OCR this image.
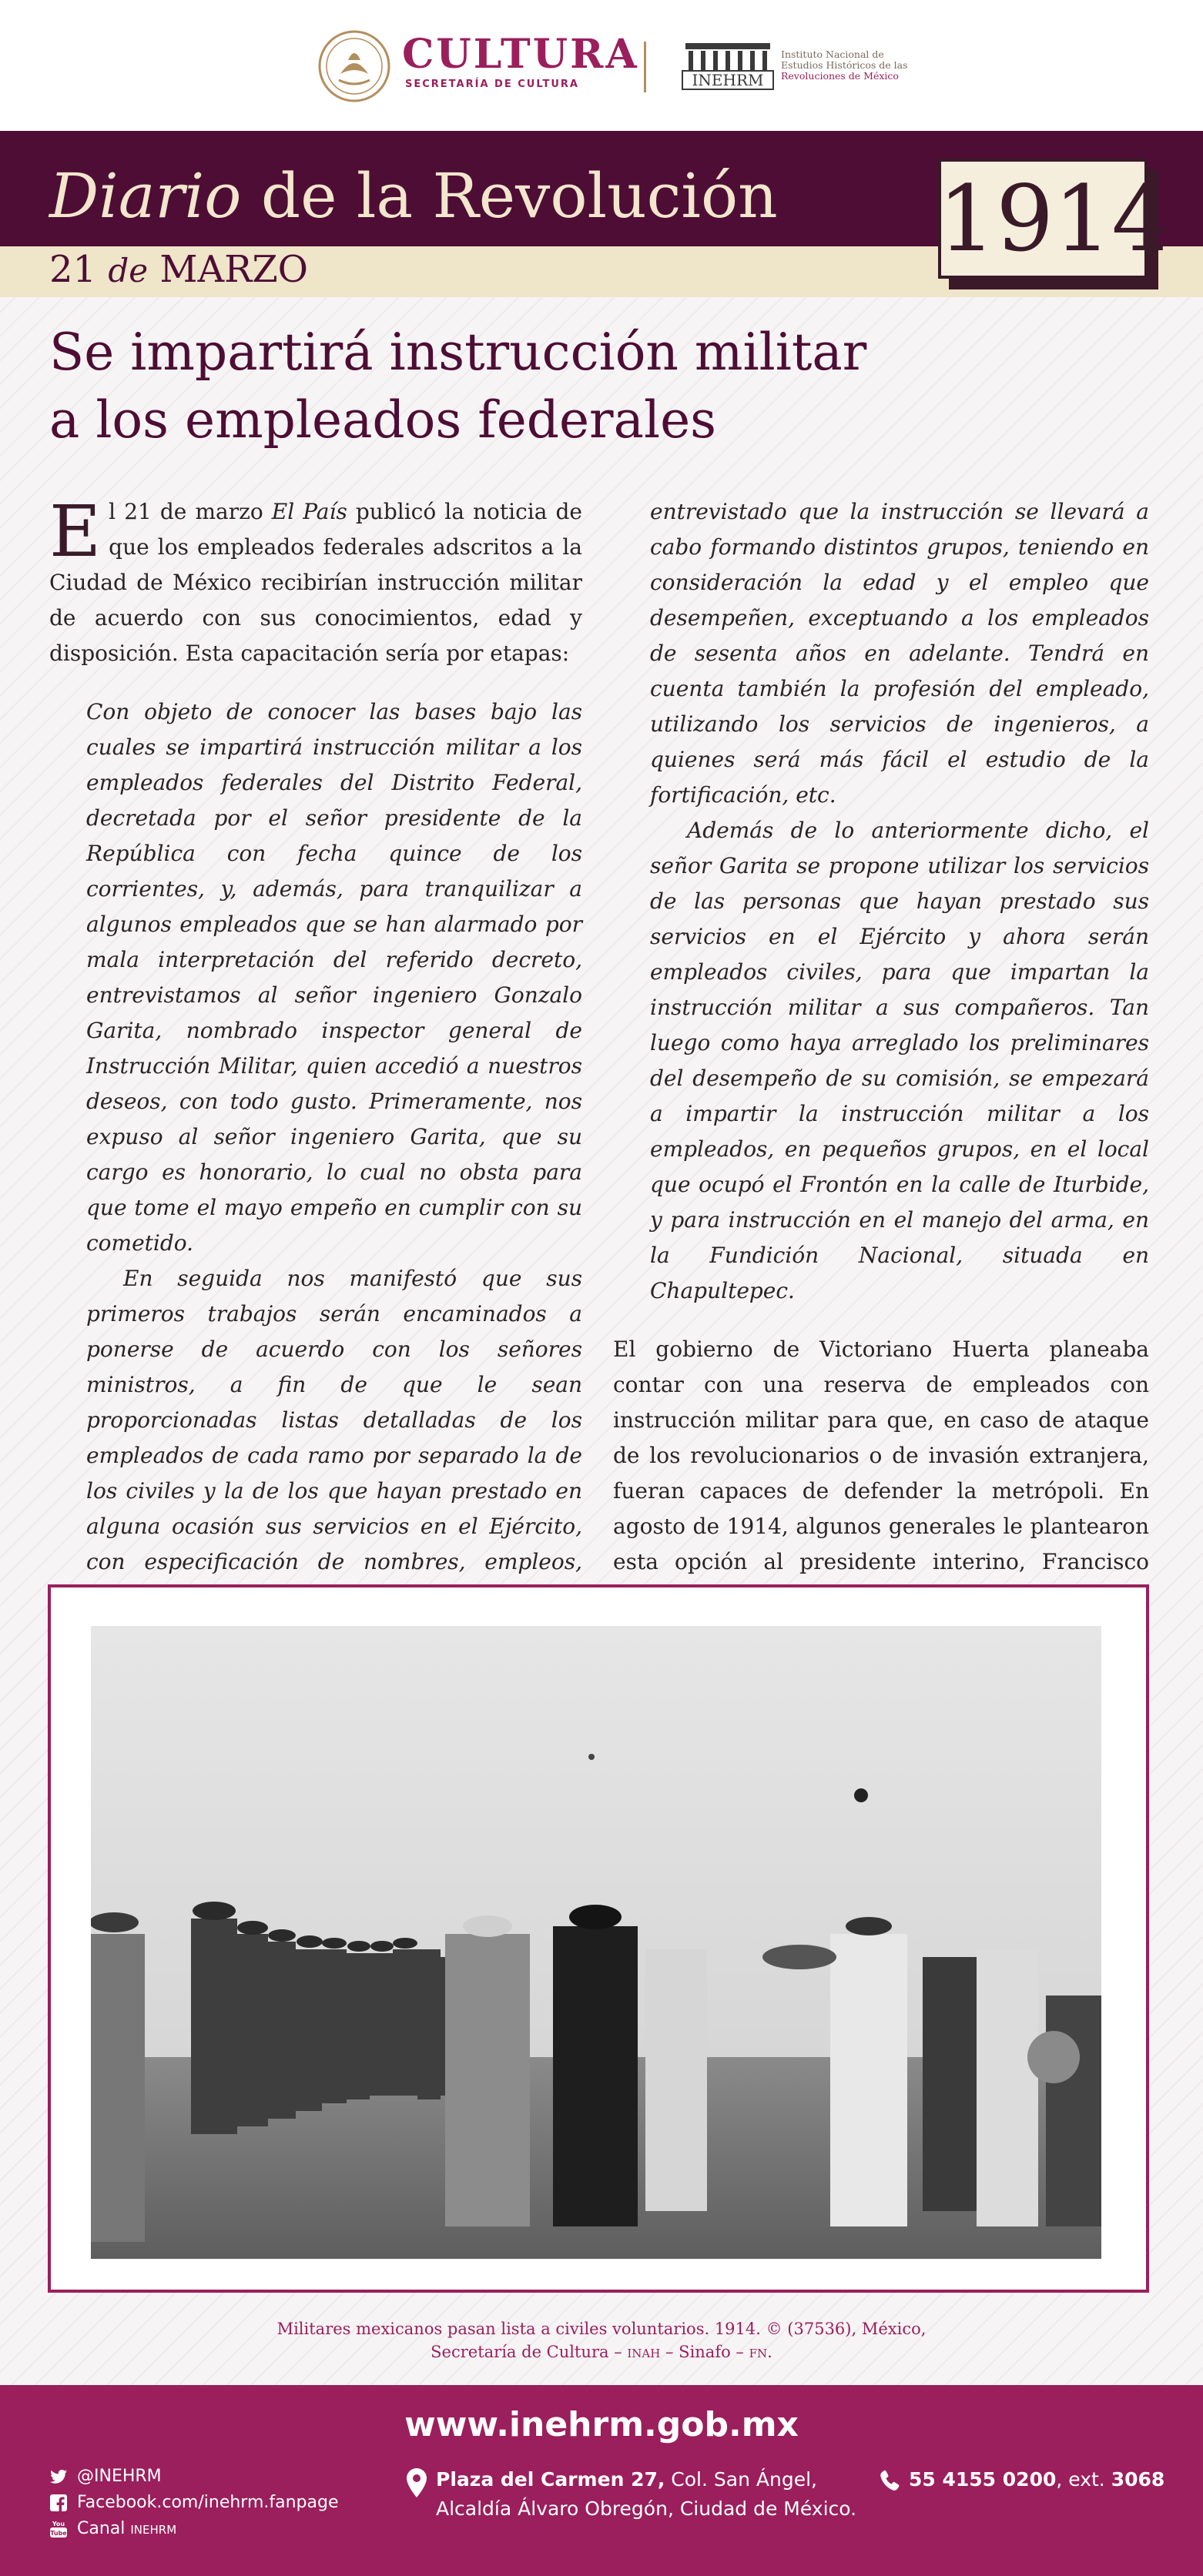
CULTURA
SECRETARÍA DE CULTURA	INEHRM
Instituto Nacional de
Estudios Históricos de las
Revoluciones de México
Diario de la Revolución
21 de MARZO	1914
Se impartirá instrucción militar
a los empleados federales

El 21 de marzo El País publicó la noticia de que los empleados federales adscritos a la Ciudad de México recibirían instrucción militar de acuerdo con sus conocimientos, edad y disposición. Esta capacitación sería por etapas:

Con objeto de conocer las bases bajo las cuales se impartirá instrucción militar a los empleados federales del Distrito Federal, decretada por el señor presidente de la República con fecha quince de los corrientes, y, además, para tranquilizar a algunos empleados que se han alarmado por mala interpretación del referido decreto, entrevistamos al señor ingeniero Gonzalo Garita, nombrado inspector general de Instrucción Militar, quien accedió a nuestros deseos, con todo gusto. Primeramente, nos expuso al señor ingeniero Garita, que su cargo es honorario, lo cual no obsta para que tome el mayo empeño en cumplir con su cometido.

En seguida nos manifestó que sus primeros trabajos serán encaminados a ponerse de acuerdo con los señores ministros, a fin de que le sean proporcionadas listas detalladas de los empleados de cada ramo por separado la de los civiles y la de los que hayan prestado en alguna ocasión sus servicios en el Ejército, con especificación de nombres, empleos,

entrevistado que la instrucción se llevará a cabo formando distintos grupos, teniendo en consideración la edad y el empleo que desempeñen, exceptuando a los empleados de sesenta años en adelante. Tendrá en cuenta también la profesión del empleado, utilizando los servicios de ingenieros, a quienes será más fácil el estudio de la fortificación, etc.

Además de lo anteriormente dicho, el señor Garita se propone utilizar los servicios de las personas que hayan prestado sus servicios en el Ejército y ahora serán empleados civiles, para que impartan la instrucción militar a sus compañeros. Tan luego como haya arreglado los preliminares del desempeño de su comisión, se empezará a impartir la instrucción militar a los empleados, en pequeños grupos, en el local que ocupó el Frontón en la calle de Iturbide, y para instrucción en el manejo del arma, en la Fundición Nacional, situada en Chapultepec.

El gobierno de Victoriano Huerta planeaba contar con una reserva de empleados con instrucción militar para que, en caso de ataque de los revolucionarios o de invasión extranjera, fueran capaces de defender la metrópoli. En agosto de 1914, algunos generales le plantearon esta opción al presidente interino, Francisco

Militares mexicanos pasan lista a civiles voluntarios. 1914. © (37536), México,
Secretaría de Cultura – inah – Sinafo – fn.
www.inehrm.gob.mx
@INEHRM
Facebook.com/inehrm.fanpage
You
Tube Canal inehrm
Plaza del Carmen 27, Col. San Ángel,
Alcaldía Álvaro Obregón, Ciudad de México.
55 4155 0200, ext. 3068
